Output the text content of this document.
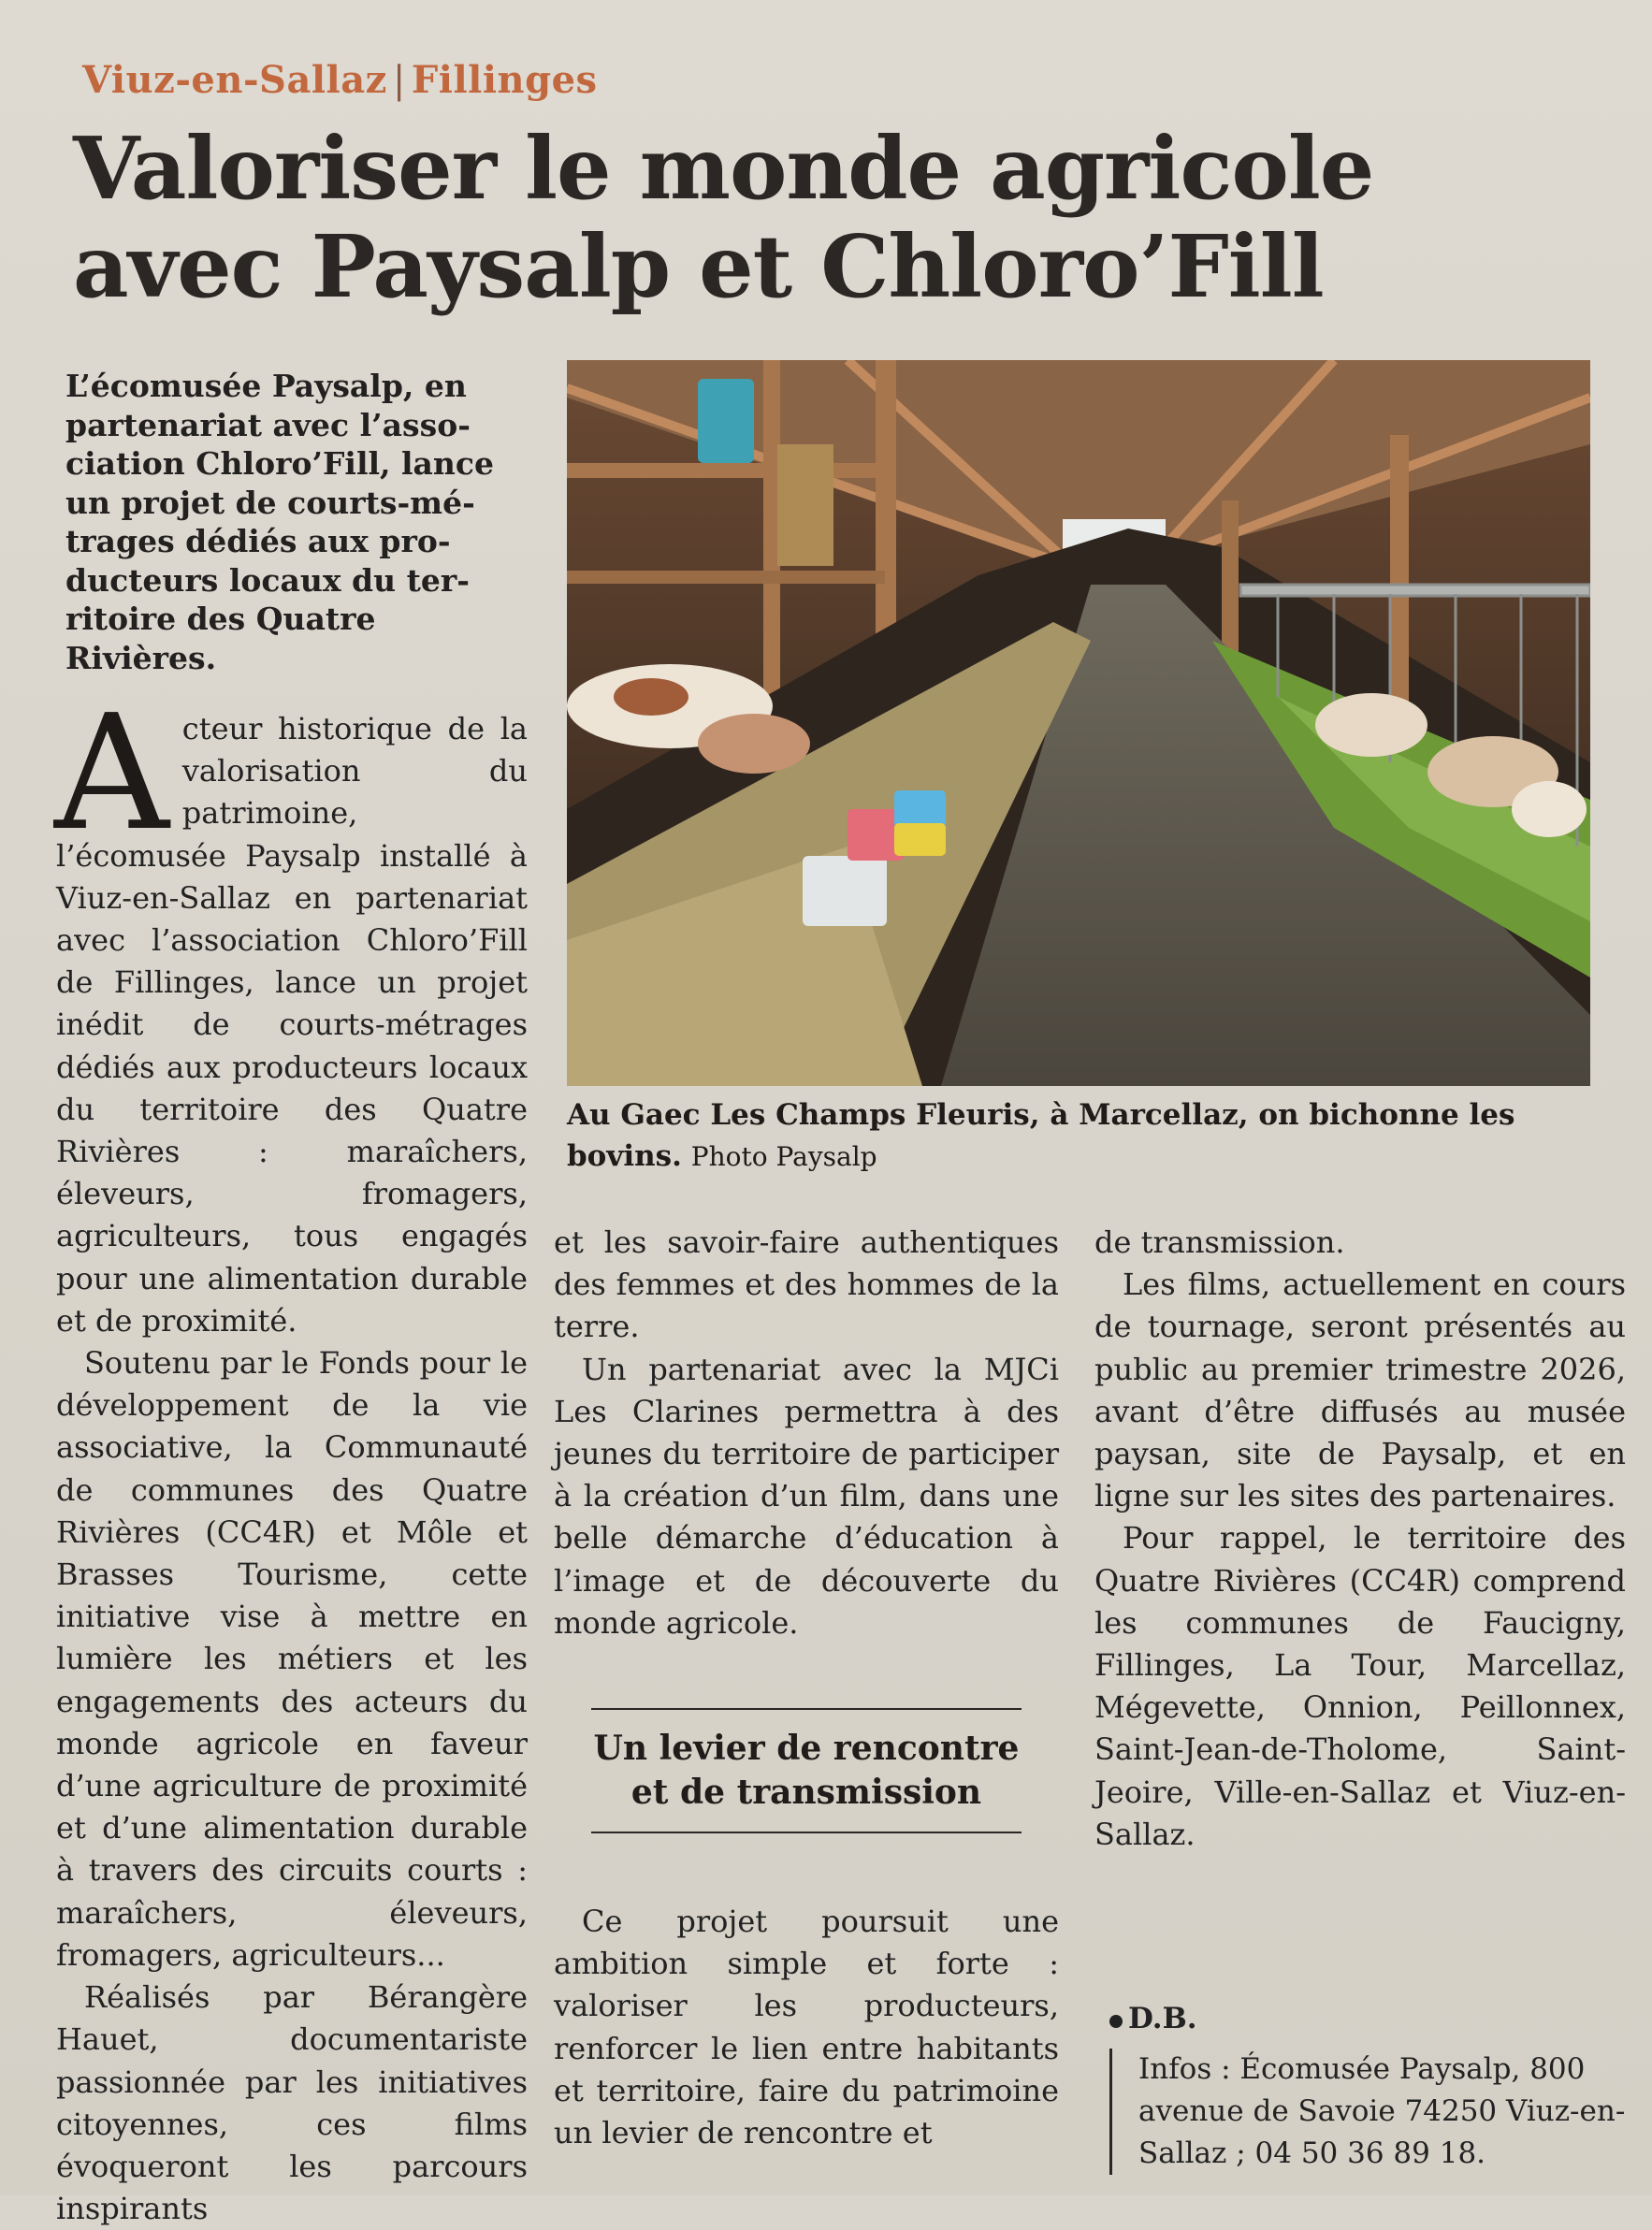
Viuz-en-Sallaz | Fillinges
Valoriser le monde agricole
avec Paysalp et Chloro’Fill

L’écomusée Paysalp, en
partenariat avec l’asso-
ciation Chloro’Fill, lance
un projet de courts-mé-
trages dédiés aux pro-
ducteurs locaux du ter-
ritoire des Quatre
Rivières.

Au Gaec Les Champs Fleuris, à Marcellaz, on bichonne les bovins. Photo Paysalp

Acteur historique de la valorisation du patrimoine, l’écomusée Paysalp installé à Viuz-en-Sallaz en partenariat avec l’association Chloro’Fill de Fillinges, lance un projet inédit de courts-métrages dédiés aux producteurs locaux du territoire des Quatre Rivières : maraîchers, éleveurs, fromagers, agriculteurs, tous engagés pour une alimentation durable et de proximité.

Soutenu par le Fonds pour le développement de la vie associative, la Communauté de communes des Quatre Rivières (CC4R) et Môle et Brasses Tourisme, cette initiative vise à mettre en lumière les métiers et les engagements des acteurs du monde agricole en faveur d’une agriculture de proximité et d’une alimentation durable à travers des circuits courts : maraîchers, éleveurs, fromagers, agriculteurs...

Réalisés par Bérangère Hauet, documentariste passionnée par les initiatives citoyennes, ces films évoqueront les parcours inspirants

et les savoir-faire authentiques des femmes et des hommes de la terre.

Un partenariat avec la MJCi Les Clarines permettra à des jeunes du territoire de participer à la création d’un film, dans une belle démarche d’éducation à l’image et de découverte du monde agricole.

Un levier de rencontre et de transmission

Ce projet poursuit une ambition simple et forte : valoriser les producteurs, renforcer le lien entre habitants et territoire, faire du patrimoine un levier de rencontre et

de transmission.

Les films, actuellement en cours de tournage, seront présentés au public au premier trimestre 2026, avant d’être diffusés au musée paysan, site de Paysalp, et en ligne sur les sites des partenaires.

Pour rappel, le territoire des Quatre Rivières (CC4R) comprend les communes de Faucigny, Fillinges, La Tour, Marcellaz, Mégevette, Onnion, Peillonnex, Saint-Jean-de-Tholome, Saint-Jeoire, Ville-en-Sallaz et Viuz-en-Sallaz.

D.B.
Infos : Écomusée Paysalp, 800 avenue de Savoie 74250 Viuz-en-Sallaz ; 04 50 36 89 18.
